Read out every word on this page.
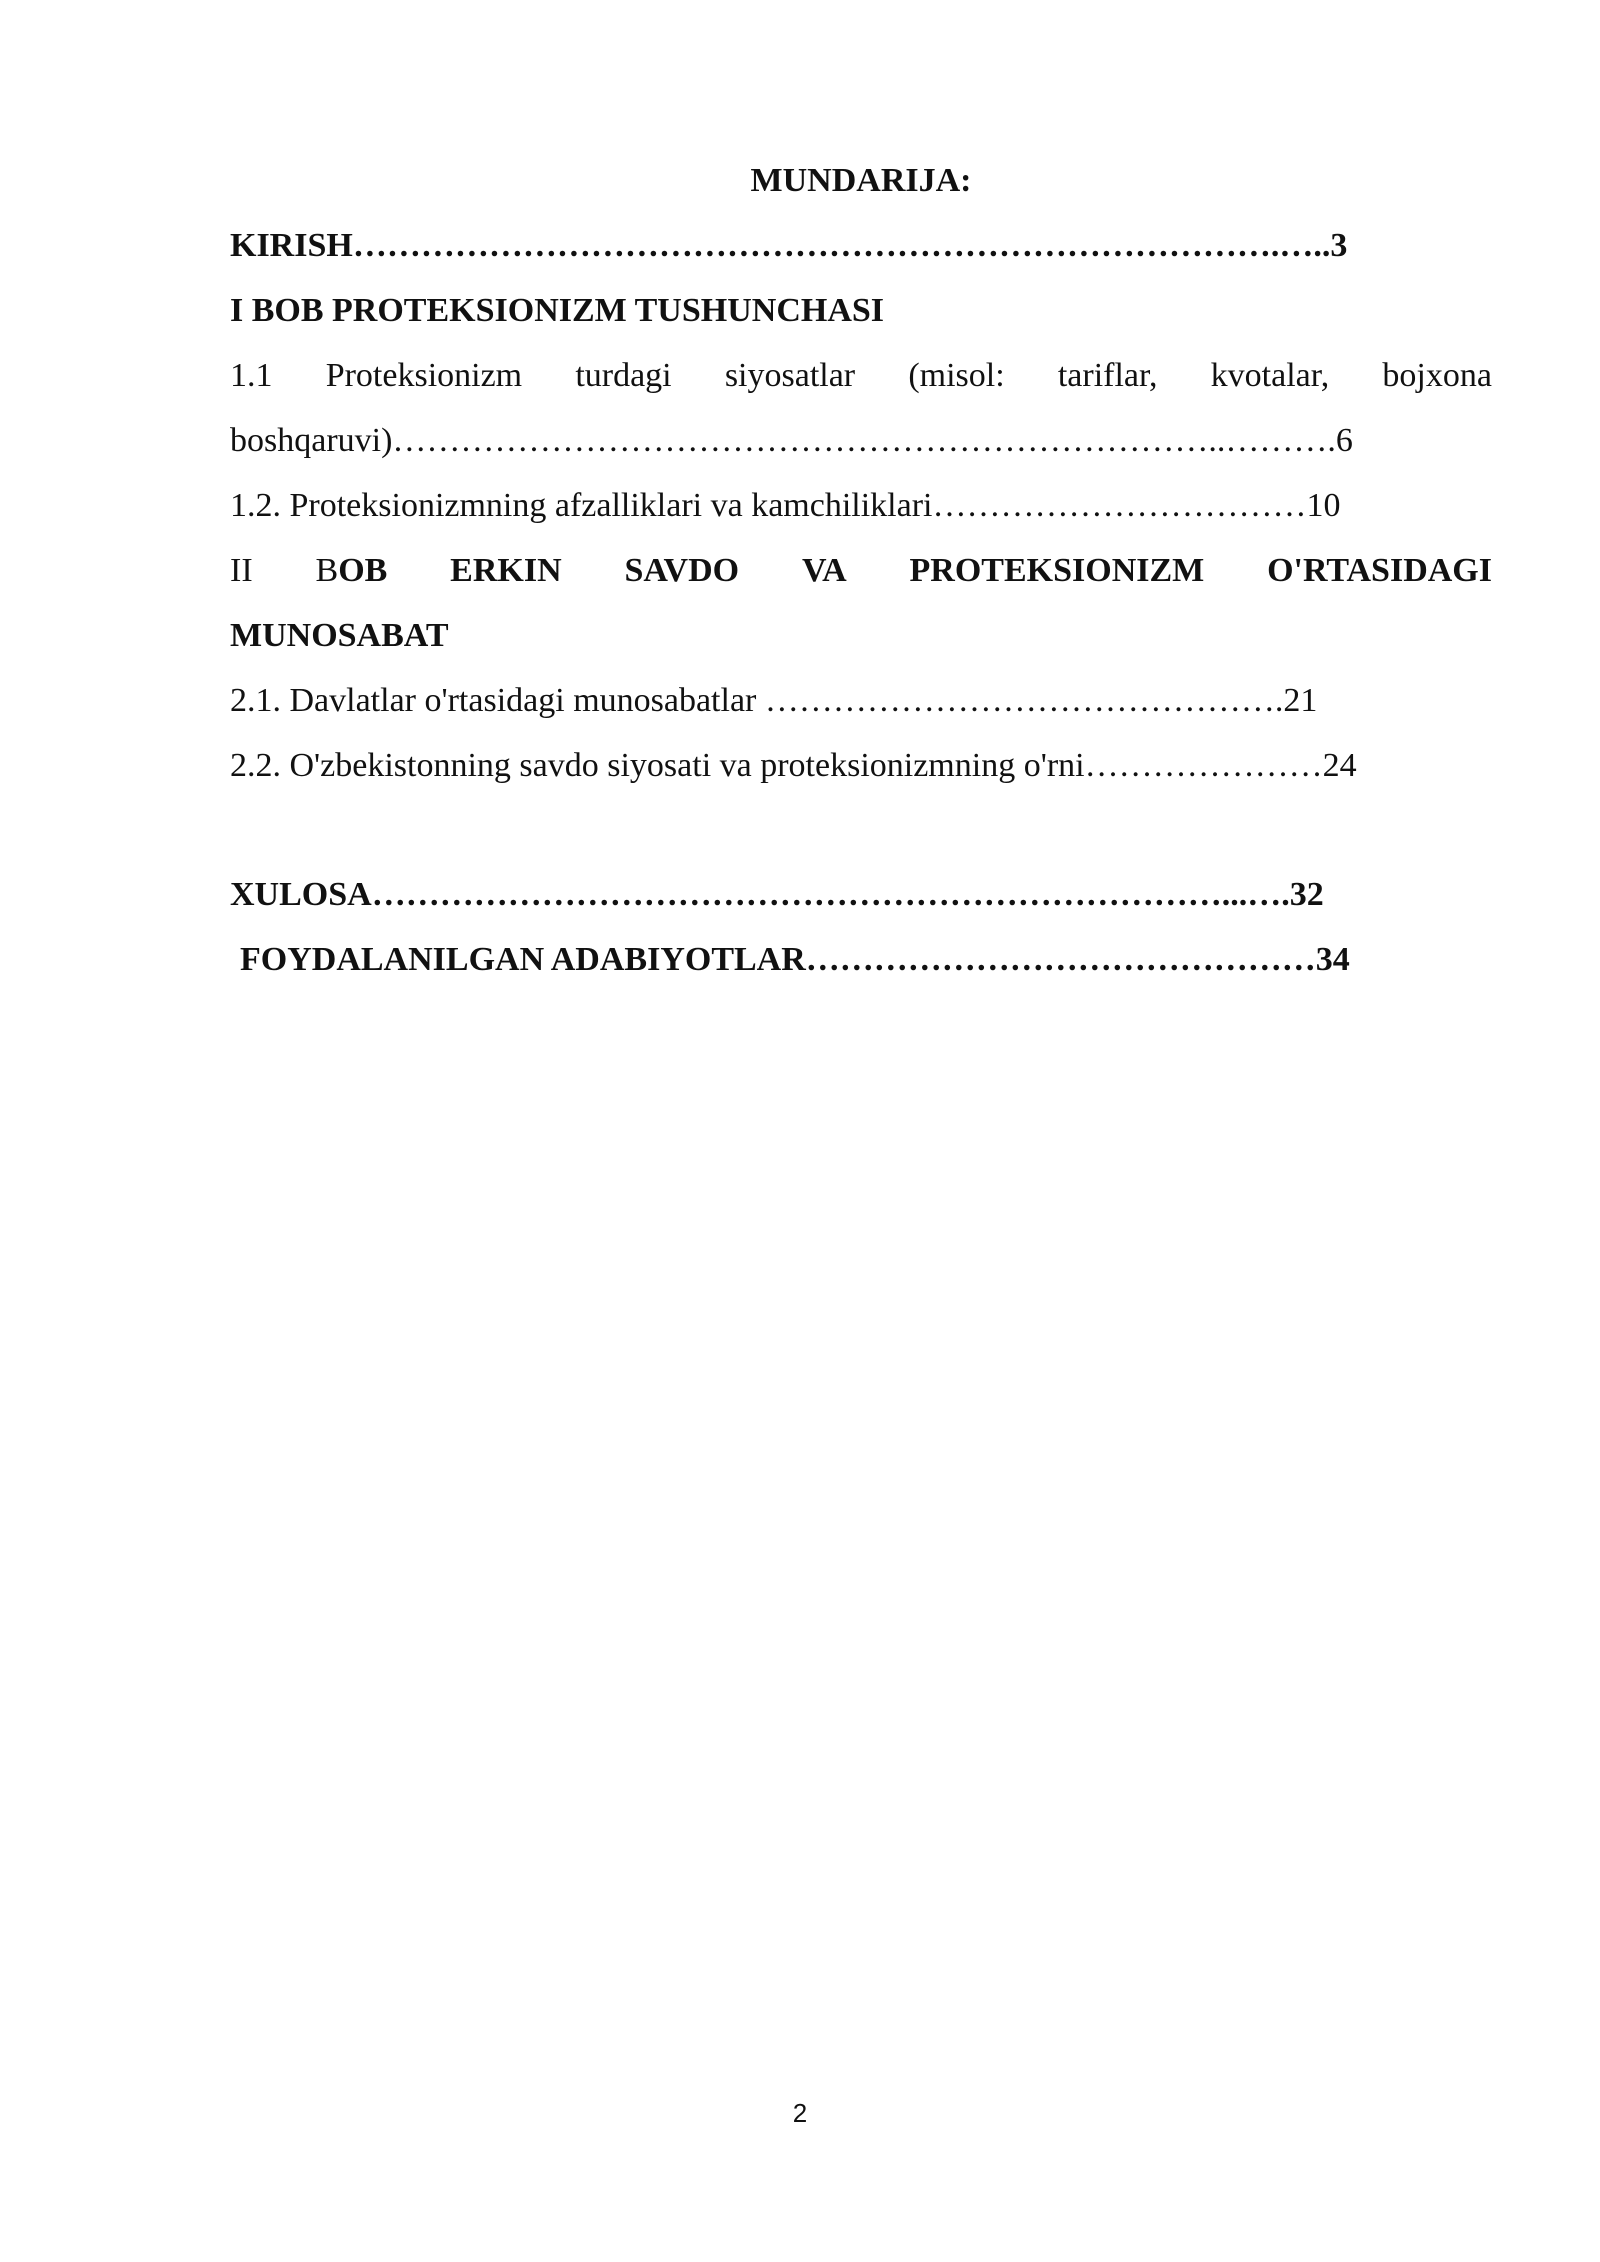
MUNDARIJA:
KIRISH……………………………………………………………………….…..3
I BOB PROTEKSIONIZM TUSHUNCHASI
1.1 Proteksionizm turdagi siyosatlar (misol: tariflar, kvotalar, bojxona
boshqaruvi)………………………………………………………………..……….6
1.2. Proteksionizmning afzalliklari va kamchiliklari……………………………10
II BOB ERKIN SAVDO VA PROTEKSIONIZM O'RTASIDAGI
MUNOSABAT
2.1. Davlatlar o'rtasidagi munosabatlar ……………………………………….21
2.2. O'zbekistonning savdo siyosati va proteksionizmning o'rni…………………24
XULOSA…………………………………………………………………...….32
FOYDALANILGAN ADABIYOTLAR………………………………………34
2
